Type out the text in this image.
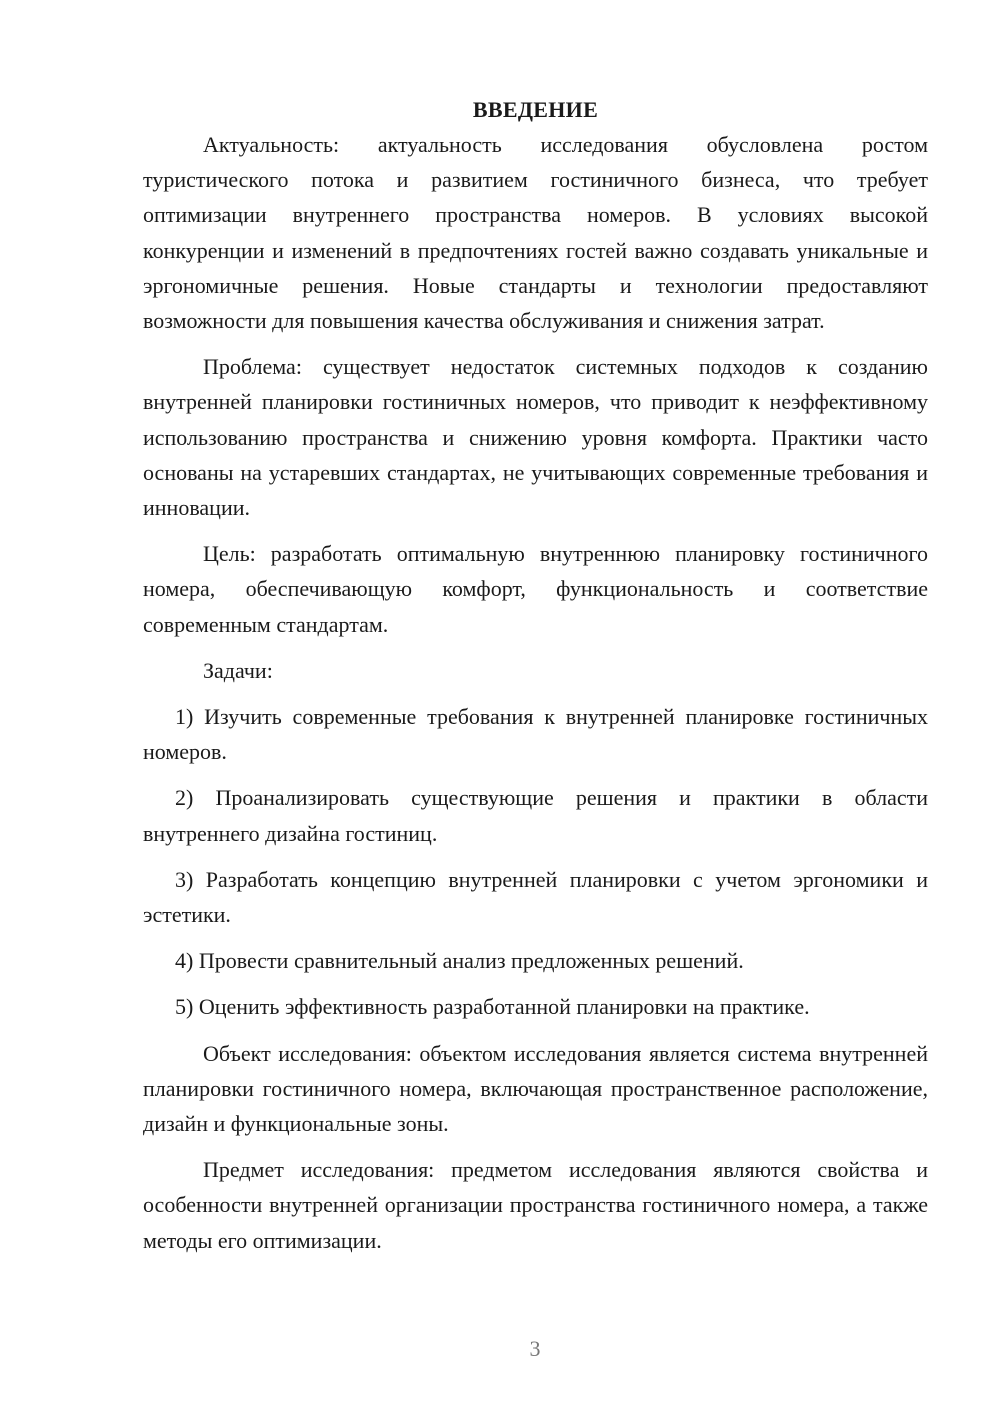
ВВЕДЕНИЕ

Актуальность: актуальность исследования обусловлена ростом туристического потока и развитием гостиничного бизнеса, что требует оптимизации внутреннего пространства номеров. В условиях высокой конкуренции и изменений в предпочтениях гостей важно создавать уникальные и эргономичные решения. Новые стандарты и технологии предоставляют возможности для повышения качества обслуживания и снижения затрат.

Проблема: существует недостаток системных подходов к созданию внутренней планировки гостиничных номеров, что приводит к неэффективному использованию пространства и снижению уровня комфорта. Практики часто основаны на устаревших стандартах, не учитывающих современные требования и инновации.

Цель: разработать оптимальную внутреннюю планировку гостиничного номера, обеспечивающую комфорт, функциональность и соответствие современным стандартам.

Задачи:

1) Изучить современные требования к внутренней планировке гостиничных номеров.

2) Проанализировать существующие решения и практики в области внутреннего дизайна гостиниц.

3) Разработать концепцию внутренней планировки с учетом эргономики и эстетики.

4) Провести сравнительный анализ предложенных решений.

5) Оценить эффективность разработанной планировки на практике.

Объект исследования: объектом исследования является система внутренней планировки гостиничного номера, включающая пространственное расположение, дизайн и функциональные зоны.

Предмет исследования: предметом исследования являются свойства и особенности внутренней организации пространства гостиничного номера, а также методы его оптимизации.

3
